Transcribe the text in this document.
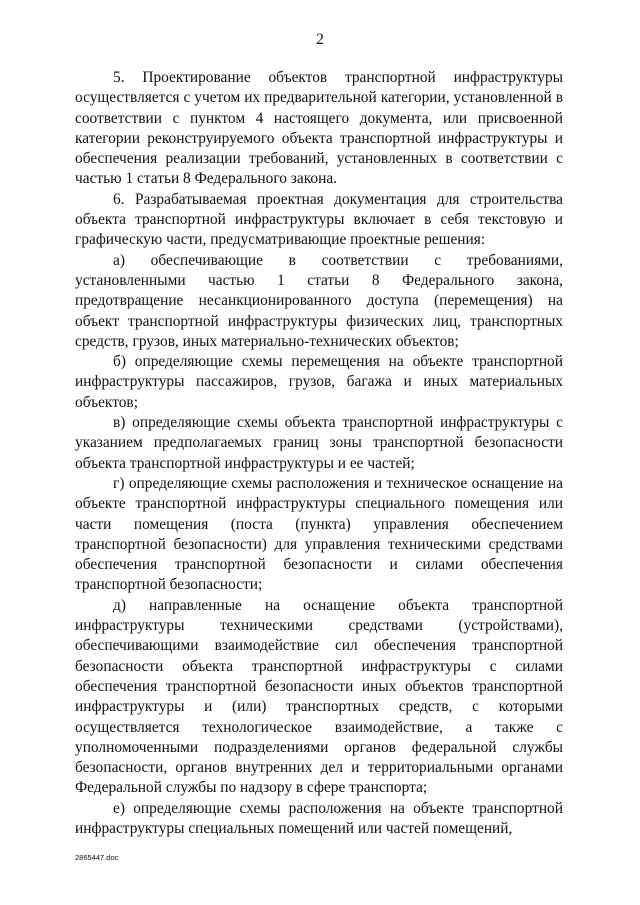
2

5. Проектирование объектов транспортной инфраструктуры осуществляется с учетом их предварительной категории, установленной в соответствии с пунктом 4 настоящего документа, или присвоенной категории реконструируемого объекта транспортной инфраструктуры и обеспечения реализации требований, установленных в соответствии с частью 1 статьи 8 Федерального закона.

6. Разрабатываемая проектная документация для строительства объекта транспортной инфраструктуры включает в себя текстовую и графическую части, предусматривающие проектные решения:

а) обеспечивающие в соответствии с требованиями, установленными частью 1 статьи 8 Федерального закона, предотвращение несанкционированного доступа (перемещения) на объект транспортной инфраструктуры физических лиц, транспортных средств, грузов, иных материально-технических объектов;

б) определяющие схемы перемещения на объекте транспортной инфраструктуры пассажиров, грузов, багажа и иных материальных объектов;

в) определяющие схемы объекта транспортной инфраструктуры с указанием предполагаемых границ зоны транспортной безопасности объекта транспортной инфраструктуры и ее частей;

г) определяющие схемы расположения и техническое оснащение на объекте транспортной инфраструктуры специального помещения или части помещения (поста (пункта) управления обеспечением транспортной безопасности) для управления техническими средствами обеспечения транспортной безопасности и силами обеспечения транспортной безопасности;

д) направленные на оснащение объекта транспортной инфраструктуры техническими средствами (устройствами), обеспечивающими взаимодействие сил обеспечения транспортной безопасности объекта транспортной инфраструктуры с силами обеспечения транспортной безопасности иных объектов транспортной инфраструктуры и (или) транспортных средств, с которыми осуществляется технологическое взаимодействие, а также с уполномоченными подразделениями органов федеральной службы безопасности, органов внутренних дел и территориальными органами Федеральной службы по надзору в сфере транспорта;

е) определяющие схемы расположения на объекте транспортной инфраструктуры специальных помещений или частей помещений,

2865447.doc
